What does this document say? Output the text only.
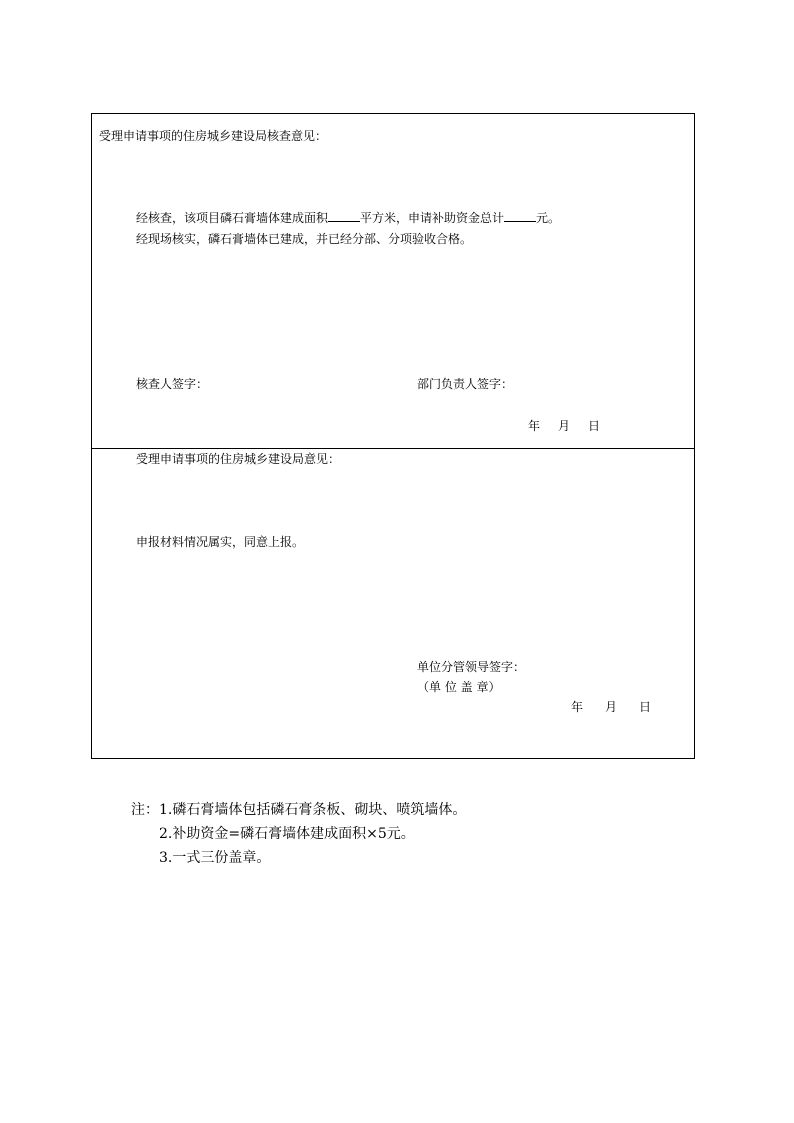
受理申请事项的住房城乡建设局核查意见：
经核查，该项目磷石膏墙体建成面积	平方米，申请补助资金总计	元。
经现场核实，磷石膏墙体已建成，并已经分部、分项验收合格。
核查人签字：	部门负责人签字：
年 月 日
受理申请事项的住房城乡建设局意见：
申报材料情况属实，同意上报。
单位分管领导签字：
（单 位 盖 章）
年 月 日
注：1.磷石膏墙体包括磷石膏条板、砌块、喷筑墙体。
2.补助资金=磷石膏墙体建成面积×5元。
3.一式三份盖章。
